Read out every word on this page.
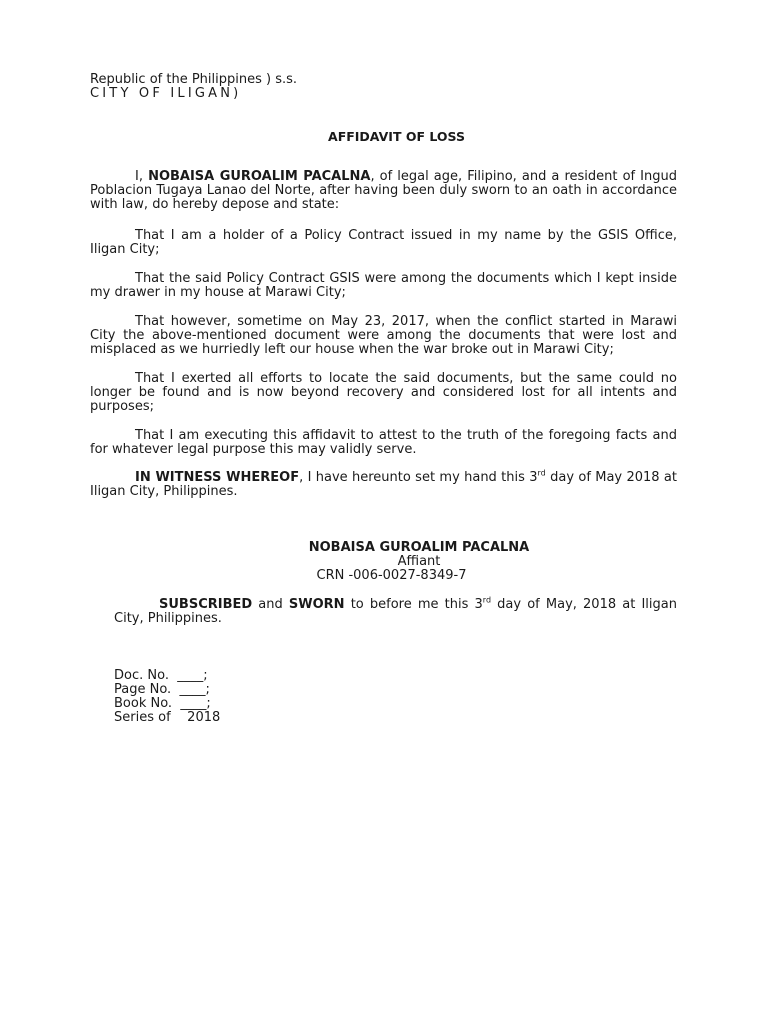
Republic of the Philippines ) s.s.
CITY OF ILIGAN)
AFFIDAVIT OF LOSS

I, NOBAISA GUROALIM PACALNA, of legal age, Filipino, and a resident of Ingud Poblacion Tugaya Lanao del Norte, after having been duly sworn to an oath in accordance with law, do hereby depose and state:

That I am a holder of a Policy Contract issued in my name by the GSIS Office, Iligan City;

That the said Policy Contract GSIS were among the documents which I kept inside my drawer in my house at Marawi City;

That however, sometime on May 23, 2017, when the conflict started in Marawi City the above-mentioned document were among the documents that were lost and misplaced as we hurriedly left our house when the war broke out in Marawi City;

That I exerted all efforts to locate the said documents, but the same could no longer be found and is now beyond recovery and considered lost for all intents and purposes;

That I am executing this affidavit to attest to the truth of the foregoing facts and for whatever legal purpose this may validly serve.

IN WITNESS WHEREOF, I have hereunto set my hand this 3rd day of May 2018 at Iligan City, Philippines.

NOBAISA GUROALIM PACALNA
Affiant
CRN -006-0027-8349-7

SUBSCRIBED and SWORN to before me this 3rd day of May, 2018 at Iligan City, Philippines.

Doc. No.  ____;
Page No.  ____;
Book No.  ____;
Series of    2018
